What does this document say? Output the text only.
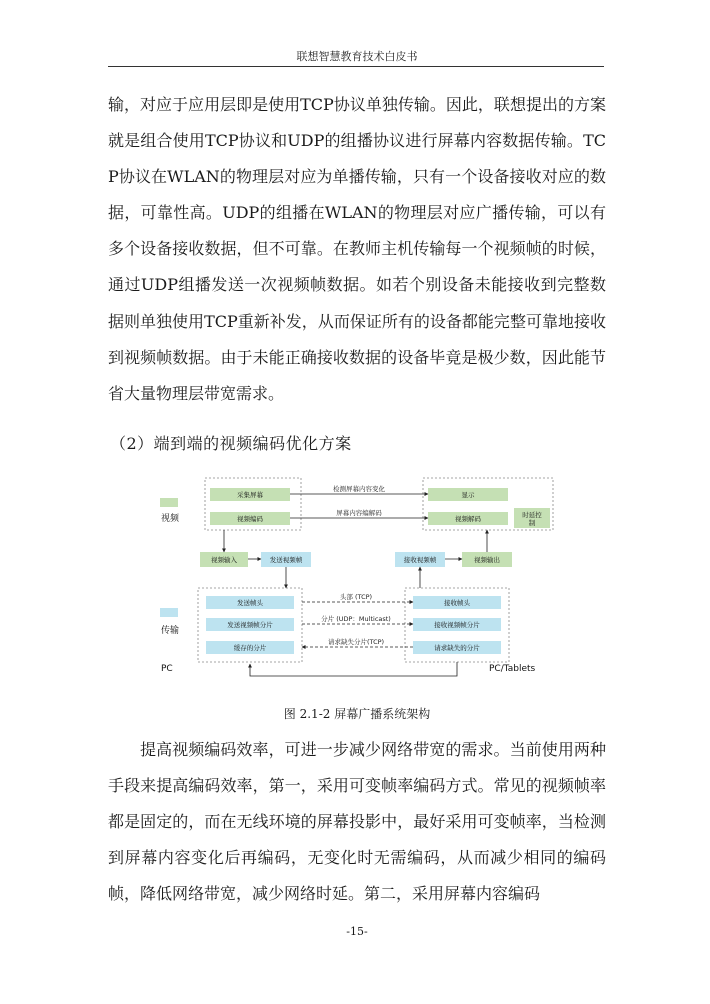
联想智慧教育技术白皮书

输，对应于应用层即是使用TCP协议单独传输。因此，联想提出的方案就是组合使用TCP协议和UDP的组播协议进行屏幕内容数据传输。TCP协议在WLAN的物理层对应为单播传输，只有一个设备接收对应的数据，可靠性高。UDP的组播在WLAN的物理层对应广播传输，可以有多个设备接收数据，但不可靠。在教师主机传输每一个视频帧的时候，通过UDP组播发送一次视频帧数据。如若个别设备未能接收到完整数据则单独使用TCP重新补发，从而保证所有的设备都能完整可靠地接收到视频帧数据。由于未能正确接收数据的设备毕竟是极少数，因此能节省大量物理层带宽需求。

（2）端到端的视频编码优化方案

视频
传输
PC	PC/Tablets
采集屏幕
视频编码
显示
视频解码	时延控
制
视频输入	发送视频帧	接收视频帧	视频输出
发送帧头
发送视频帧分片
缓存的分片
接收帧头
接收视频帧分片
请求缺失的分片
检测屏幕内容变化
屏幕内容编解码
头部 (TCP)
分片 (UDP：Multicast)
请求缺失分片(TCP)
图 2.1-2 屏幕广播系统架构

提高视频编码效率，可进一步减少网络带宽的需求。当前使用两种手段来提高编码效率，第一，采用可变帧率编码方式。常见的视频帧率都是固定的，而在无线环境的屏幕投影中，最好采用可变帧率，当检测到屏幕内容变化后再编码，无变化时无需编码，从而减少相同的编码帧，降低网络带宽，减少网络时延。第二，采用屏幕内容编码

-15-
